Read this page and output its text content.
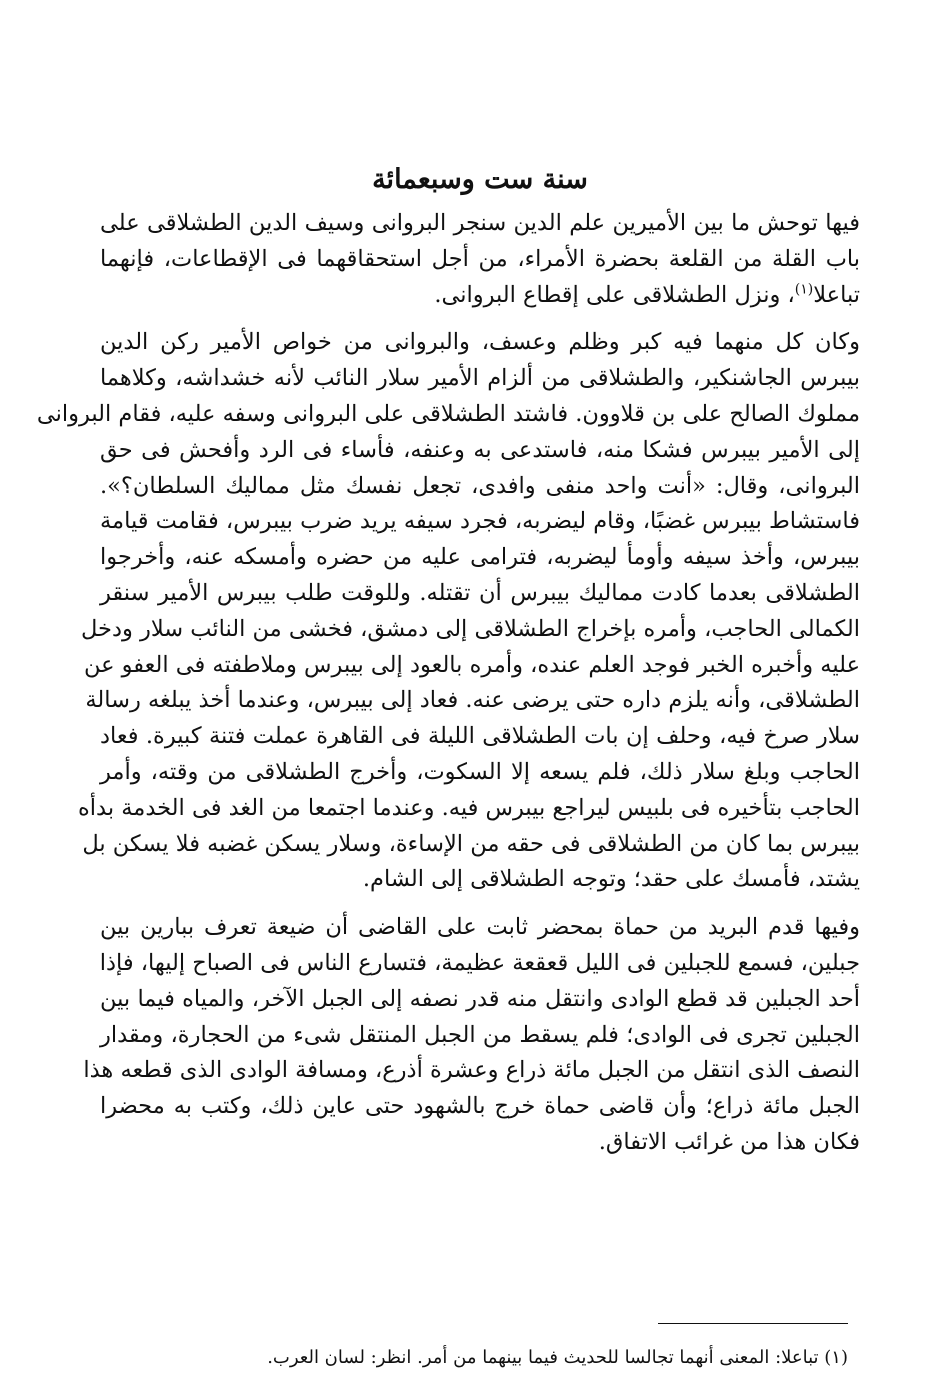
سنة ست وسبعمائة
فيها توحش ما بين الأميرين علم الدين سنجر البروانى وسيف الدين الطشلاقى على
باب القلة من القلعة بحضرة الأمراء، من أجل استحقاقهما فى الإقطاعات، فإنهما
تباعلا$^{(١)}$، ونزل الطشلاقى على إقطاع البروانى.
وكان كل منهما فيه كبر وظلم وعسف، والبروانى من خواص الأمير ركن الدين
بيبرس الجاشنكير، والطشلاقى من ألزام الأمير سلار النائب لأنه خشداشه، وكلاهما
مملوك الصالح على بن قلاوون. فاشتد الطشلاقى على البروانى وسفه عليه، فقام البروانى
إلى الأمير بيبرس فشكا منه، فاستدعى به وعنفه، فأساء فى الرد وأفحش فى حق
البروانى، وقال: «أنت واحد منفى وافدى، تجعل نفسك مثل مماليك السلطان؟».
فاستشاط بيبرس غضبًا، وقام ليضربه، فجرد سيفه يريد ضرب بيبرس، فقامت قيامة
بيبرس، وأخذ سيفه وأومأ ليضربه، فترامى عليه من حضره وأمسكه عنه، وأخرجوا
الطشلاقى بعدما كادت مماليك بيبرس أن تقتله. وللوقت طلب بيبرس الأمير سنقر
الكمالى الحاجب، وأمره بإخراج الطشلاقى إلى دمشق، فخشى من النائب سلار ودخل
عليه وأخبره الخبر فوجد العلم عنده، وأمره بالعود إلى بيبرس وملاطفته فى العفو عن
الطشلاقى، وأنه يلزم داره حتى يرضى عنه. فعاد إلى بيبرس، وعندما أخذ يبلغه رسالة
سلار صرخ فيه، وحلف إن بات الطشلاقى الليلة فى القاهرة عملت فتنة كبيرة. فعاد
الحاجب وبلغ سلار ذلك، فلم يسعه إلا السكوت، وأخرج الطشلاقى من وقته، وأمر
الحاجب بتأخيره فى بلبيس ليراجع بيبرس فيه. وعندما اجتمعا من الغد فى الخدمة بدأه
بيبرس بما كان من الطشلاقى فى حقه من الإساءة، وسلار يسكن غضبه فلا يسكن بل
يشتد، فأمسك على حقد؛ وتوجه الطشلاقى إلى الشام.
وفيها قدم البريد من حماة بمحضر ثابت على القاضى أن ضيعة تعرف ببارين بين
جبلين، فسمع للجبلين فى الليل قعقعة عظيمة، فتسارع الناس فى الصباح إليها، فإذا
أحد الجبلين قد قطع الوادى وانتقل منه قدر نصفه إلى الجبل الآخر، والمياه فيما بين
الجبلين تجرى فى الوادى؛ فلم يسقط من الجبل المنتقل شىء من الحجارة، ومقدار
النصف الذى انتقل من الجبل مائة ذراع وعشرة أذرع، ومسافة الوادى الذى قطعه هذا
الجبل مائة ذراع؛ وأن قاضى حماة خرج بالشهود حتى عاين ذلك، وكتب به محضرا
فكان هذا من غرائب الاتفاق.
(١) تباعلا: المعنى أنهما تجالسا للحديث فيما بينهما من أمر. انظر: لسان العرب.
